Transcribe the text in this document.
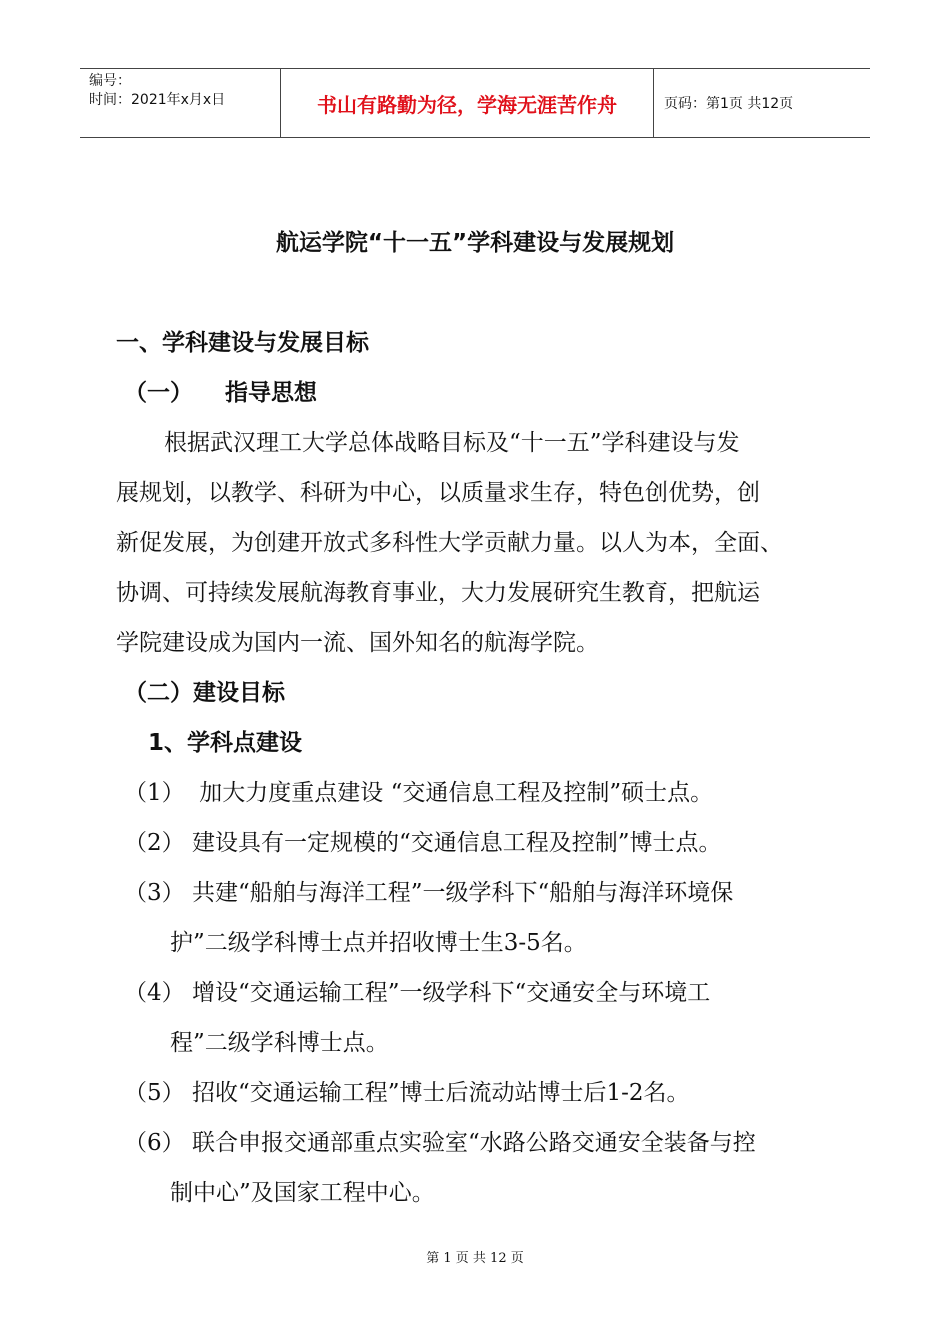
编号：
时间：2021年x月x日	书山有路勤为径，学海无涯苦作舟	页码：第1页 共12页
航运学院“十一五”学科建设与发展规划
一、学科建设与发展目标
（一）    指导思想
根据武汉理工大学总体战略目标及“十一五”学科建设与发
展规划，以教学、科研为中心，以质量求生存，特色创优势，创
新促发展，为创建开放式多科性大学贡献力量。以人为本，全面、
协调、可持续发展航海教育事业，大力发展研究生教育，把航运
学院建设成为国内一流、国外知名的航海学院。
（二）建设目标
1、学科点建设
（1）  加大力度重点建设 “交通信息工程及控制”硕士点。
（2） 建设具有一定规模的“交通信息工程及控制”博士点。
（3） 共建“船舶与海洋工程”一级学科下“船舶与海洋环境保
护”二级学科博士点并招收博士生3-5名。
（4） 增设“交通运输工程”一级学科下“交通安全与环境工
程”二级学科博士点。
（5） 招收“交通运输工程”博士后流动站博士后1-2名。
（6） 联合申报交通部重点实验室“水路公路交通安全装备与控
制中心”及国家工程中心。
第 1 页 共 12 页
